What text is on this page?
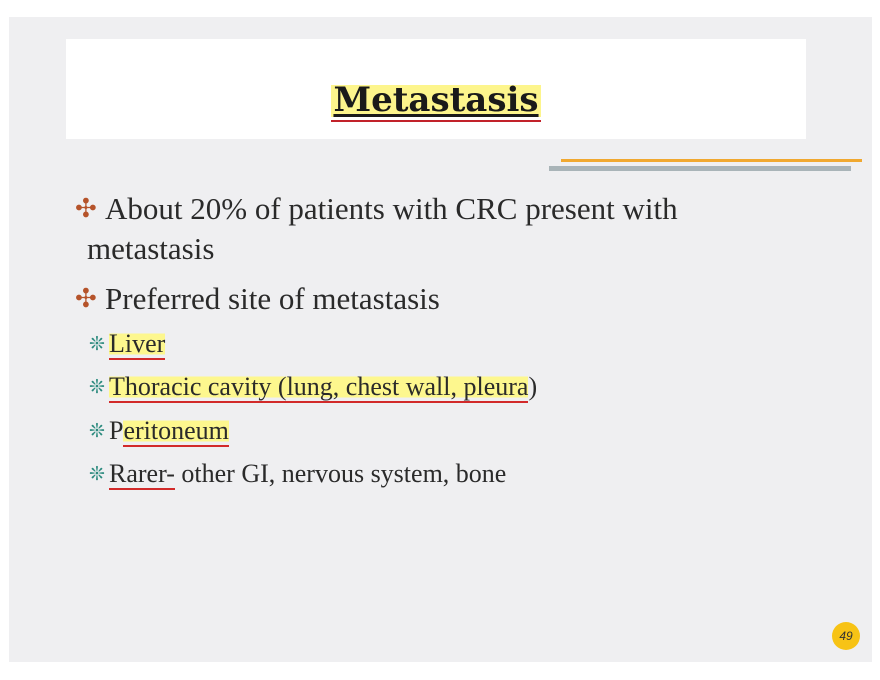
Metastasis
✣ About 20% of patients with CRC present with
metastasis
✣ Preferred site of metastasis
❊ Liver
❊ Thoracic cavity (lung, chest wall, pleura)
❊ Peritoneum
❊ Rarer- other GI, nervous system, bone
49
